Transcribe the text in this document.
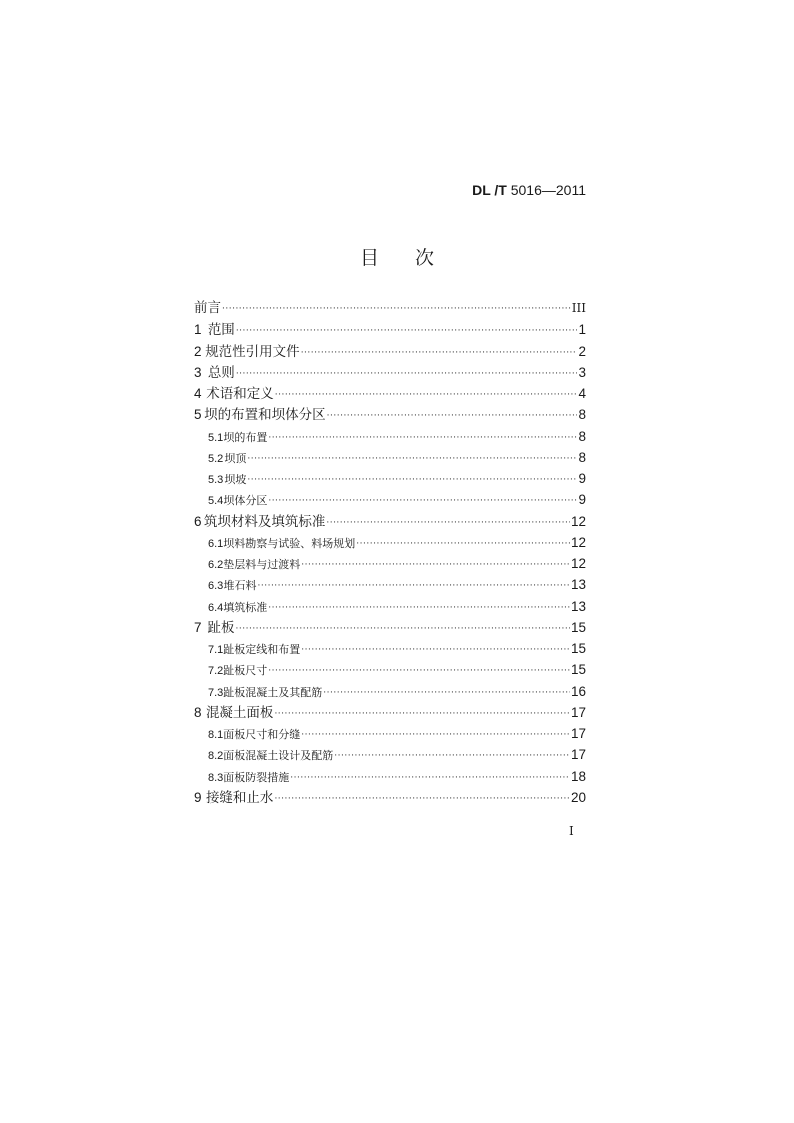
DL /T 5016—2011
目 次
前言 ·····	III
1 范围 ·····	1
2 规范性引用文件 ·····	2
3 总则 ·····	3
4 术语和定义 ·····	4
5 坝的布置和坝体分区 ·····	8
5.1 坝的布置 ·····	8
5.2 坝顶 ·····	8
5.3 坝坡 ·····	9
5.4 坝体分区 ·····	9
6 筑坝材料及填筑标准 ·····	12
6.1 坝料勘察与试验、料场规划 ·····	12
6.2 垫层料与过渡料 ·····	12
6.3 堆石料 ·····	13
6.4 填筑标准 ·····	13
7 趾板 ·····	15
7.1 趾板定线和布置 ·····	15
7.2 趾板尺寸 ·····	15
7.3 趾板混凝土及其配筋 ·····	16
8 混凝土面板 ·····	17
8.1 面板尺寸和分缝 ·····	17
8.2 面板混凝土设计及配筋 ·····	17
8.3 面板防裂措施 ·····	18
9 接缝和止水 ·····	20
I
